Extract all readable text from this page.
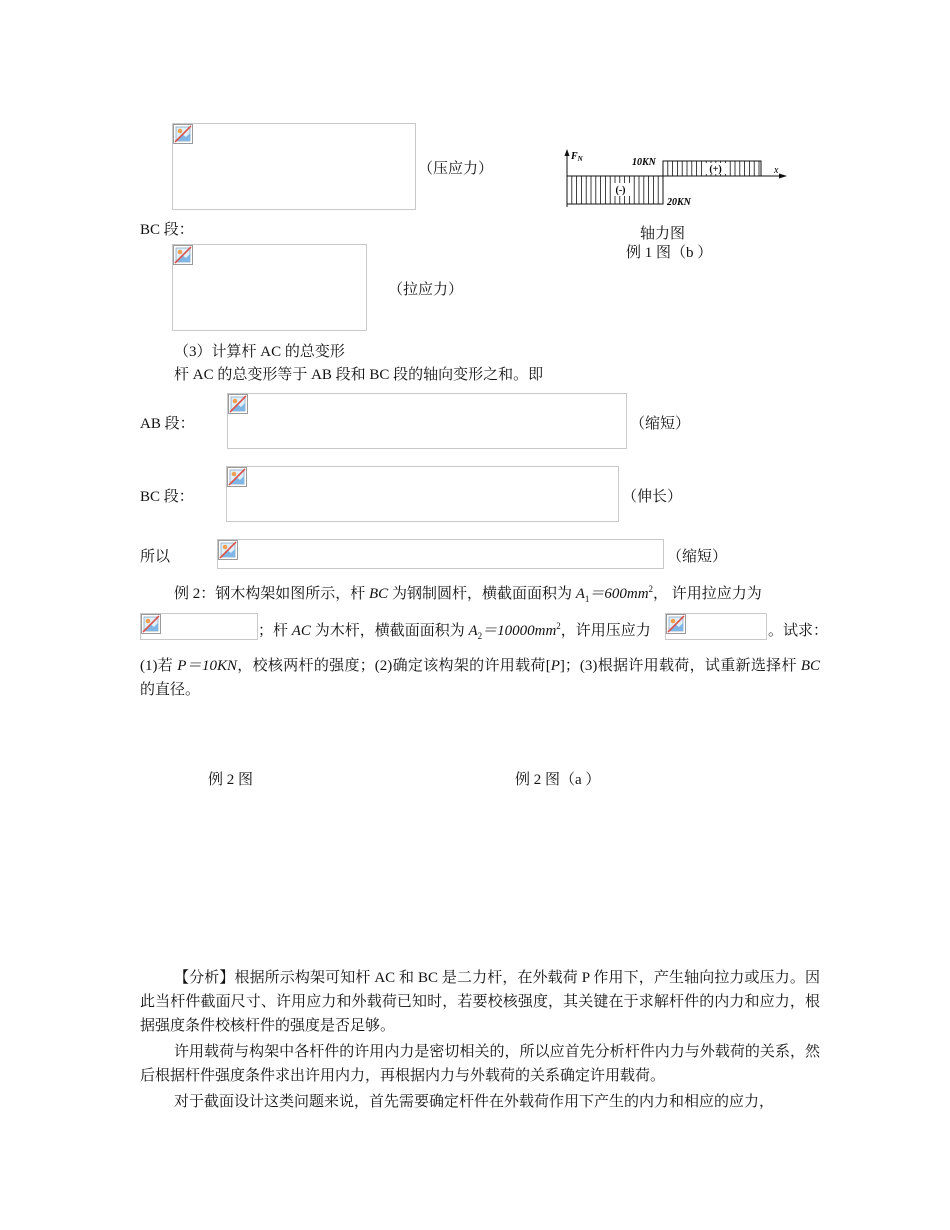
（压应力）
BC 段：
（拉应力）
(-)
(+)
$F_N$	10KN
20KN
x
轴力图
例 1 图（b ）
（3）计算杆 AC 的总变形
杆 AC 的总变形等于 AB 段和 BC 段的轴向变形之和。即
AB 段：	（缩短）
BC 段：	（伸长）
所以	（缩短）
例 2：钢木构架如图所示，杆 BC 为钢制圆杆，横截面面积为 $A_1=600mm^2$， 许用拉应力为
；杆 AC 为木杆，横截面面积为 $A_2=10000mm^2$，许用压应力	。试求：
(1)若 P＝10KN，校核两杆的强度；(2)确定该构架的许用载荷[P]；(3)根据许用载荷，试重新选择杆 BC 的直径。
例 2 图	例 2 图（a ）
【分析】根据所示构架可知杆 AC 和 BC 是二力杆，在外载荷 P 作用下，产生轴向拉力或压力。因此当杆件截面尺寸、许用应力和外载荷已知时，若要校核强度，其关键在于求解杆件的内力和应力，根据强度条件校核杆件的强度是否足够。
许用载荷与构架中各杆件的许用内力是密切相关的，所以应首先分析杆件内力与外载荷的关系，然后根据杆件强度条件求出许用内力，再根据内力与外载荷的关系确定许用载荷。
对于截面设计这类问题来说，首先需要确定杆件在外载荷作用下产生的内力和相应的应力，
